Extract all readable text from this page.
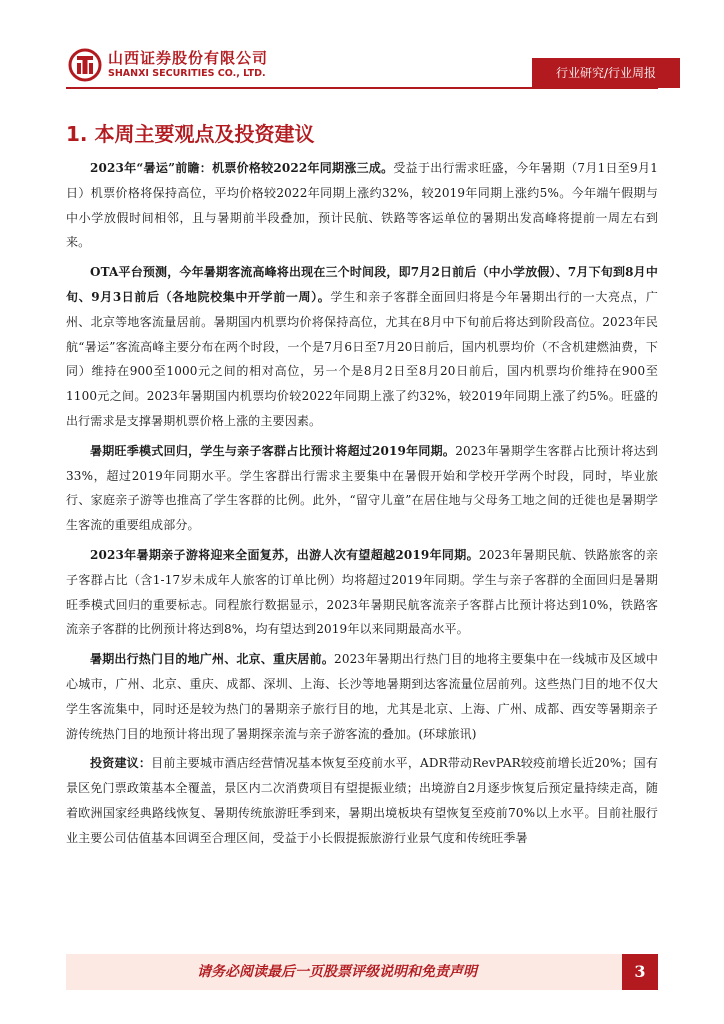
山西证券股份有限公司
SHANXI SECURITIES CO., LTD.	行业研究/行业周报
1. 本周主要观点及投资建议

2023年“暑运”前瞻：机票价格较2022年同期涨三成。受益于出行需求旺盛，今年暑期（7月1日至9月1日）机票价格将保持高位，平均价格较2022年同期上涨约32%，较2019年同期上涨约5%。今年端午假期与中小学放假时间相邻，且与暑期前半段叠加，预计民航、铁路等客运单位的暑期出发高峰将提前一周左右到来。

OTA平台预测，今年暑期客流高峰将出现在三个时间段，即7月2日前后（中小学放假）、7月下旬到8月中旬、9月3日前后（各地院校集中开学前一周）。学生和亲子客群全面回归将是今年暑期出行的一大亮点，广州、北京等地客流量居前。暑期国内机票均价将保持高位，尤其在8月中下旬前后将达到阶段高位。2023年民航“暑运”客流高峰主要分布在两个时段，一个是7月6日至7月20日前后，国内机票均价（不含机建燃油费，下同）维持在900至1000元之间的相对高位，另一个是8月2日至8月20日前后，国内机票均价维持在900至1100元之间。2023年暑期国内机票均价较2022年同期上涨了约32%，较2019年同期上涨了约5%。旺盛的出行需求是支撑暑期机票价格上涨的主要因素。

暑期旺季模式回归，学生与亲子客群占比预计将超过2019年同期。2023年暑期学生客群占比预计将达到33%，超过2019年同期水平。学生客群出行需求主要集中在暑假开始和学校开学两个时段，同时，毕业旅行、家庭亲子游等也推高了学生客群的比例。此外，“留守儿童”在居住地与父母务工地之间的迁徙也是暑期学生客流的重要组成部分。

2023年暑期亲子游将迎来全面复苏，出游人次有望超越2019年同期。2023年暑期民航、铁路旅客的亲子客群占比（含1-17岁未成年人旅客的订单比例）均将超过2019年同期。学生与亲子客群的全面回归是暑期旺季模式回归的重要标志。同程旅行数据显示，2023年暑期民航客流亲子客群占比预计将达到10%，铁路客流亲子客群的比例预计将达到8%，均有望达到2019年以来同期最高水平。

暑期出行热门目的地广州、北京、重庆居前。2023年暑期出行热门目的地将主要集中在一线城市及区域中心城市，广州、北京、重庆、成都、深圳、上海、长沙等地暑期到达客流量位居前列。这些热门目的地不仅大学生客流集中，同时还是较为热门的暑期亲子旅行目的地，尤其是北京、上海、广州、成都、西安等暑期亲子游传统热门目的地预计将出现了暑期探亲流与亲子游客流的叠加。(环球旅讯)

投资建议：目前主要城市酒店经营情况基本恢复至疫前水平，ADR带动RevPAR较疫前增长近20%；国有景区免门票政策基本全覆盖，景区内二次消费项目有望提振业绩；出境游自2月逐步恢复后预定量持续走高，随着欧洲国家经典路线恢复、暑期传统旅游旺季到来，暑期出境板块有望恢复至疫前70%以上水平。目前社服行业主要公司估值基本回调至合理区间，受益于小长假提振旅游行业景气度和传统旺季暑

请务必阅读最后一页股票评级说明和免责声明	3
